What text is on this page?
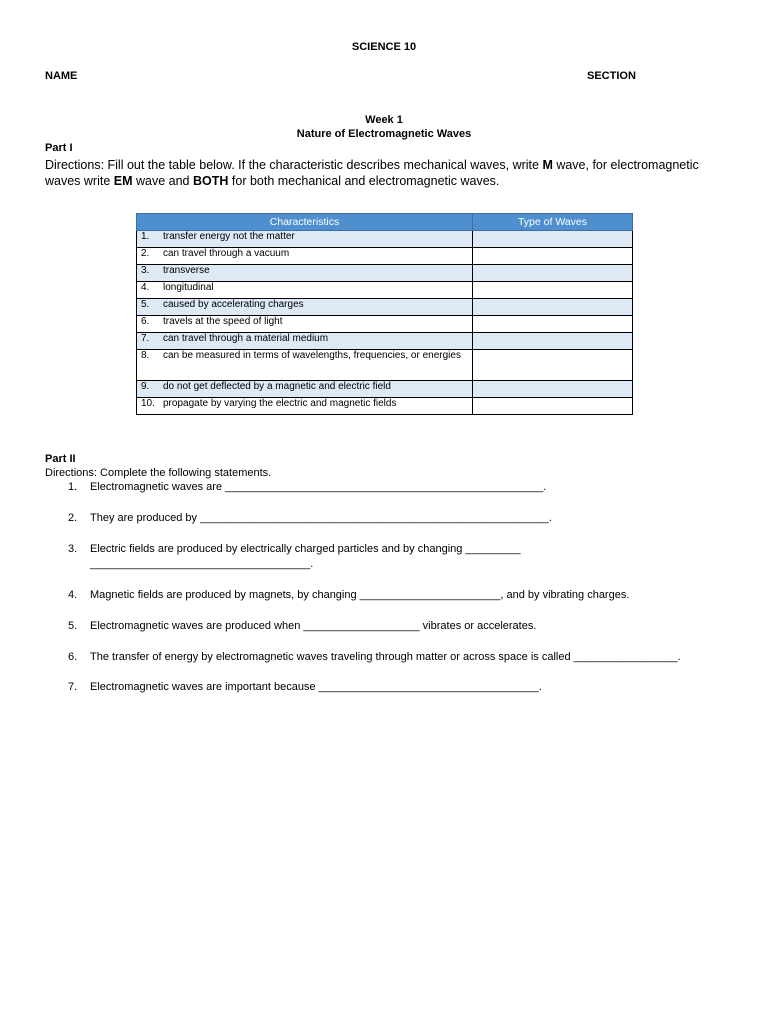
SCIENCE 10
NAME	SECTION
Week 1
Nature of Electromagnetic Waves
Part I
Directions: Fill out the table below. If the characteristic describes mechanical waves, write M wave, for electromagnetic waves write EM wave and BOTH for both mechanical and electromagnetic waves.
Characteristics	Type of Waves

1. transfer energy not the matter	

2. can travel through a vacuum	

3. transverse	

4. longitudinal	

5. caused by accelerating charges	

6. travels at the speed of light	

7. can travel through a material medium	

8. can be measured in terms of wavelengths, frequencies, or energies	

9. do not get deflected by a magnetic and electric field	

10. propagate by varying the electric and magnetic fields	

Part II
Directions: Complete the following statements.
1.	Electromagnetic waves are ____________________________________________________.
2.	They are produced by _________________________________________________________.
3.	Electric fields are produced by electrically charged particles and by changing _________
____________________________________.
4.	Magnetic fields are produced by magnets, by changing _______________________, and by vibrating charges.
5.	Electromagnetic waves are produced when ___________________ vibrates or accelerates.
6.	The transfer of energy by electromagnetic waves traveling through matter or across space is called _________________.
7.	Electromagnetic waves are important because ____________________________________.
